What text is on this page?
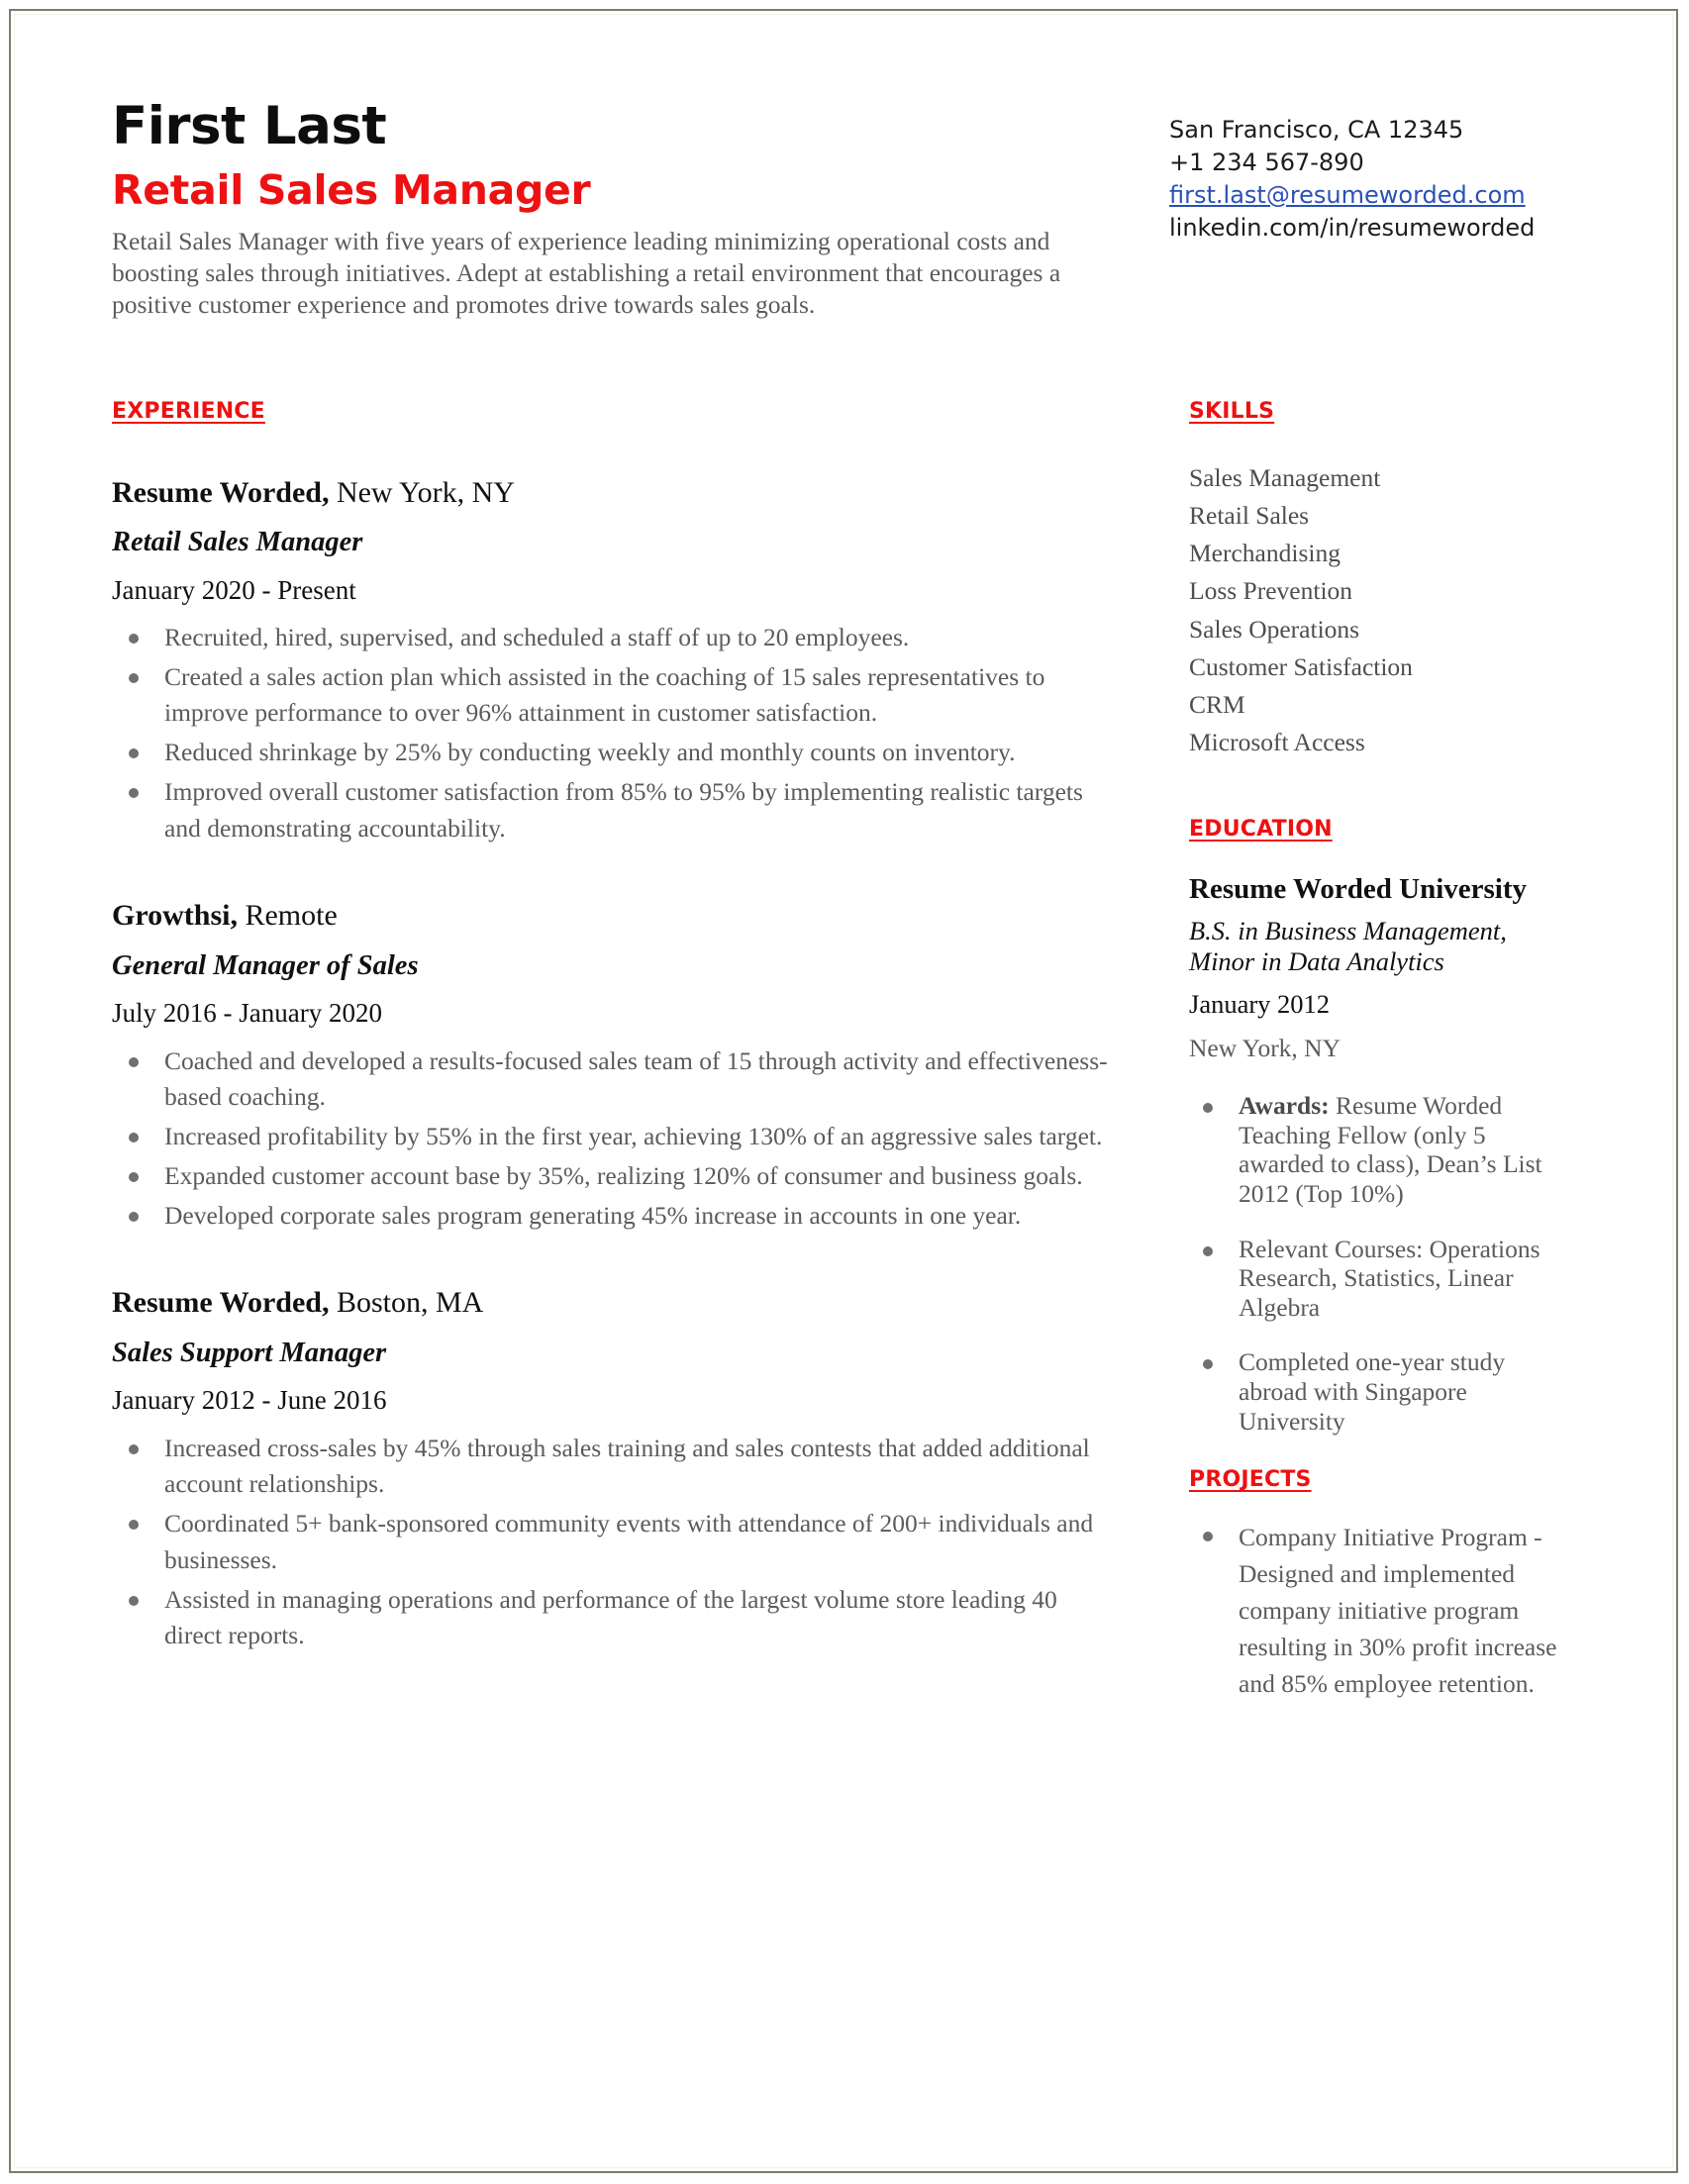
First Last
Retail Sales Manager

Retail Sales Manager with five years of experience leading minimizing operational costs and boosting sales through initiatives. Adept at establishing a retail environment that encourages a positive customer experience and promotes drive towards sales goals.

San Francisco, CA 12345
+1 234 567-890
first.last@resumeworded.com
linkedin.com/in/resumeworded
EXPERIENCE
Resume Worded, New York, NY
Retail Sales Manager
January 2020 - Present
Recruited, hired, supervised, and scheduled a staff of up to 20 employees.
Created a sales action plan which assisted in the coaching of 15 sales representatives to improve performance to over 96% attainment in customer satisfaction.
Reduced shrinkage by 25% by conducting weekly and monthly counts on inventory.
Improved overall customer satisfaction from 85% to 95% by implementing realistic targets and demonstrating accountability.
Growthsi, Remote
General Manager of Sales
July 2016 - January 2020
Coached and developed a results-focused sales team of 15 through activity and effectiveness-based coaching.
Increased profitability by 55% in the first year, achieving 130% of an aggressive sales target.
Expanded customer account base by 35%, realizing 120% of consumer and business goals.
Developed corporate sales program generating 45% increase in accounts in one year.
Resume Worded, Boston, MA
Sales Support Manager
January 2012 - June 2016
Increased cross-sales by 45% through sales training and sales contests that added additional account relationships.
Coordinated 5+ bank-sponsored community events with attendance of 200+ individuals and businesses.
Assisted in managing operations and performance of the largest volume store leading 40 direct reports.
SKILLS
Sales Management
Retail Sales
Merchandising
Loss Prevention
Sales Operations
Customer Satisfaction
CRM
Microsoft Access
EDUCATION
Resume Worded University
B.S. in Business Management, Minor in Data Analytics
January 2012
New York, NY
Awards: Resume Worded Teaching Fellow (only 5 awarded to class), Dean’s List 2012 (Top 10%)
Relevant Courses: Operations Research, Statistics, Linear Algebra
Completed one-year study abroad with Singapore University
PROJECTS
Company Initiative Program - Designed and implemented company initiative program resulting in 30% profit increase and 85% employee retention.
